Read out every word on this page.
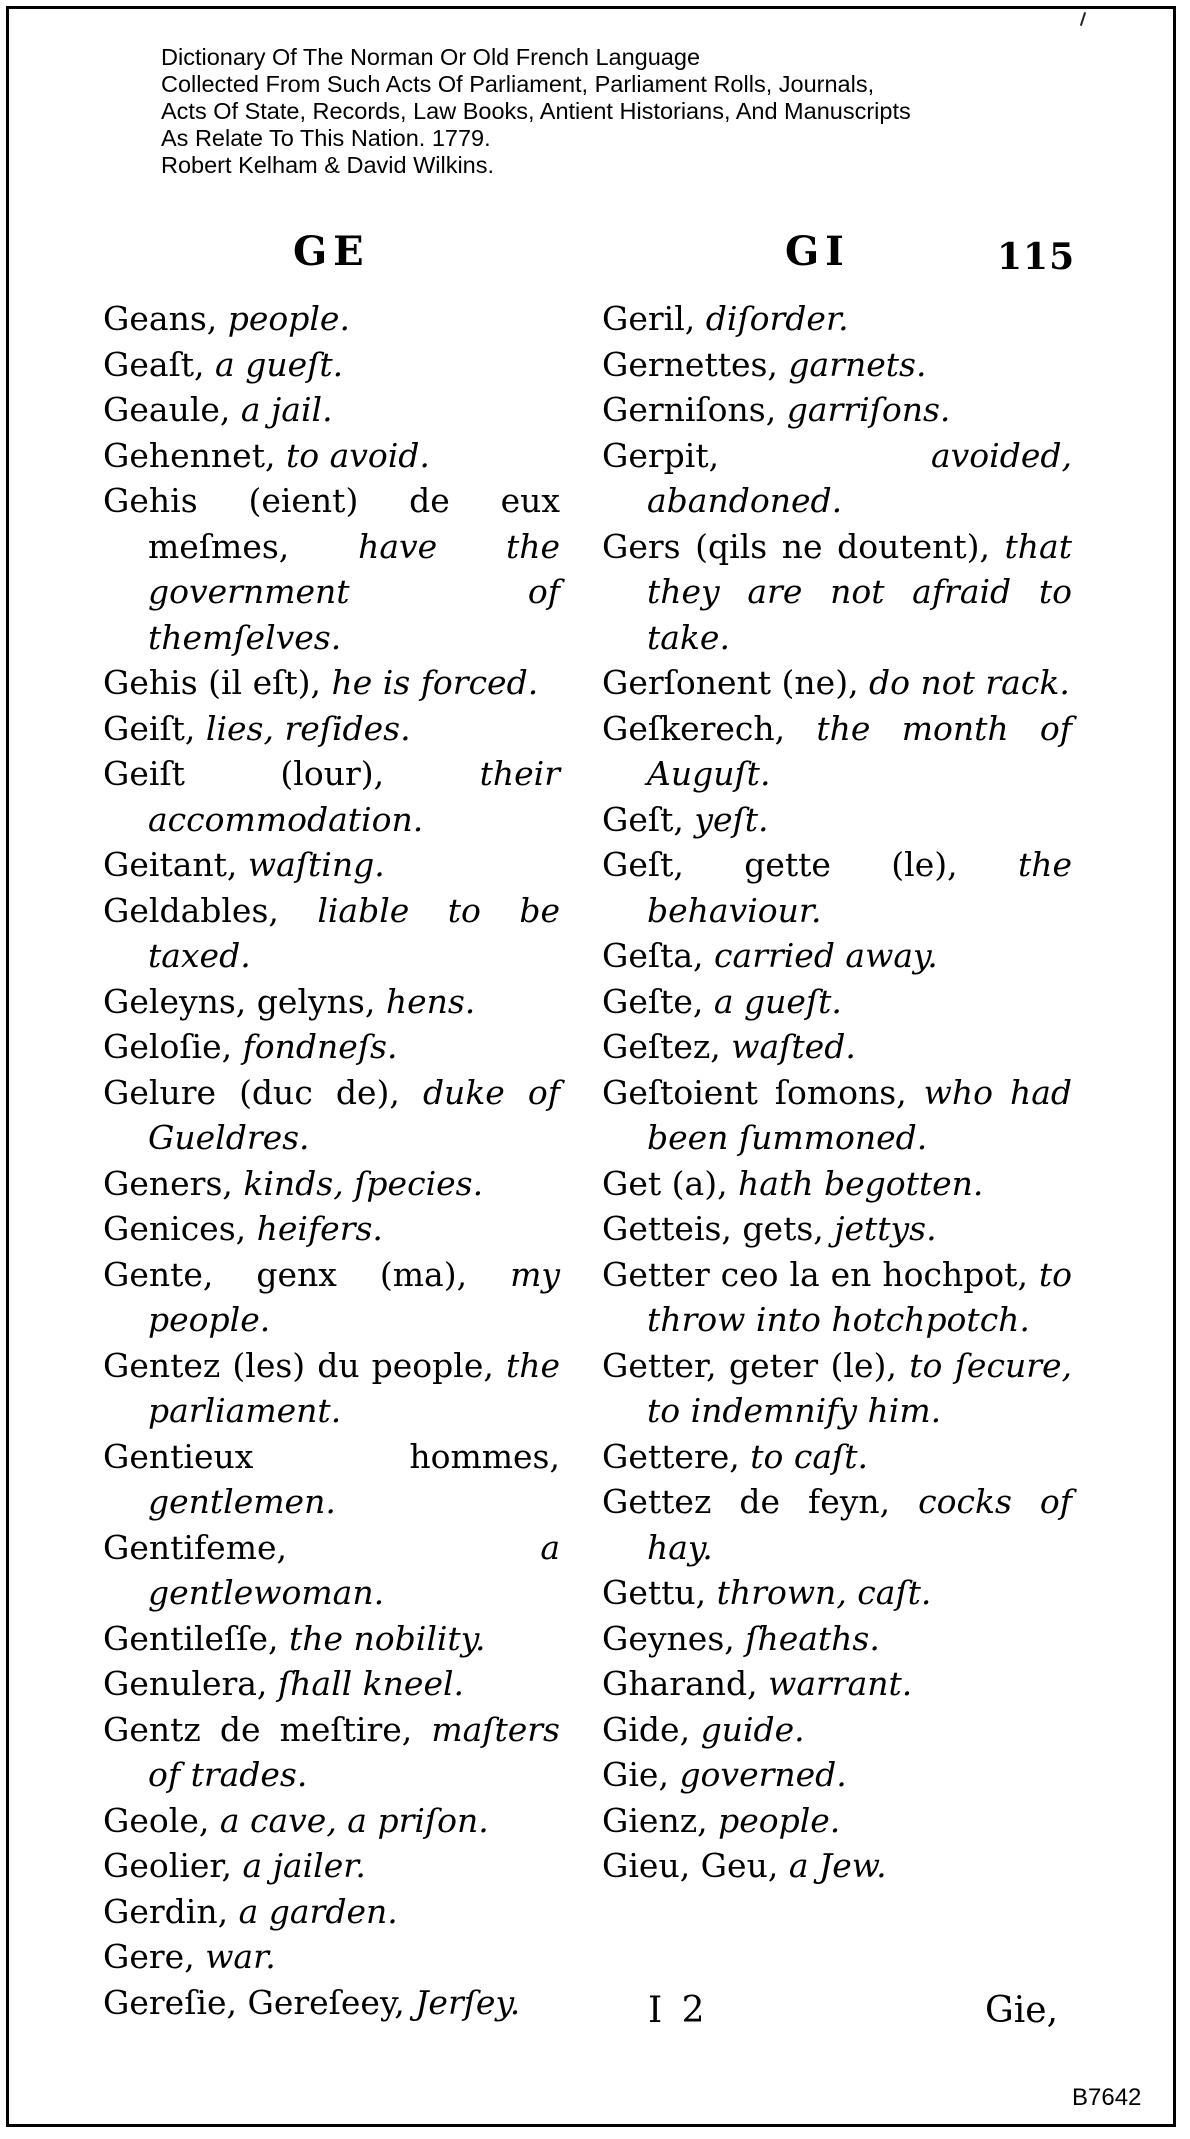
Dictionary Of The Norman Or Old French Language
Collected From Such Acts Of Parliament, Parliament Rolls, Journals,
Acts Of State, Records, Law Books, Antient Historians, And Manuscripts
As Relate To This Nation. 1779.
Robert Kelham & David Wilkins.
GE	GI	115
Geans, people.
Geaſt, a gueſt.
Geaule, a jail.
Gehennet, to avoid.
Gehis (eient) de eux meſmes, have the government of themſelves.
Gehis (il eſt), he is forced.
Geiſt, lies, reſides.
Geiſt (lour), their accommodation.
Geitant, waſting.
Geldables, liable to be taxed.
Geleyns, gelyns, hens.
Geloſie, fondneſs.
Gelure (duc de), duke of Gueldres.
Geners, kinds, ſpecies.
Genices, heifers.
Gente, genx (ma), my people.
Gentez (les) du people, the parliament.
Gentieux hommes, gentlemen.
Gentifeme, a gentlewoman.
Gentileſſe, the nobility.
Genulera, ſhall kneel.
Gentz de meſtire, maſters of trades.
Geole, a cave, a priſon.
Geolier, a jailer.
Gerdin, a garden.
Gere, war.
Gereſie, Gereſeey, Jerſey.
Geril, diſorder.
Gernettes, garnets.
Gerniſons, garriſons.
Gerpit, avoided, abandoned.
Gers (qils ne doutent), that they are not afraid to take.
Gerſonent (ne), do not rack.
Geſkerech, the month of Auguſt.
Geſt, yeſt.
Geſt, gette (le), the behaviour.
Geſta, carried away.
Geſte, a gueſt.
Geſtez, waſted.
Geſtoient ſomons, who had been ſummoned.
Get (a), hath begotten.
Getteis, gets, jettys.
Getter ceo la en hochpot, to throw into hotchpotch.
Getter, geter (le), to ſecure, to indemnify him.
Gettere, to caſt.
Gettez de feyn, cocks of hay.
Gettu, thrown, caſt.
Geynes, ſheaths.
Gharand, warrant.
Gide, guide.
Gie, governed.
Gienz, people.
Gieu, Geu, a Jew.
I 2	Gie,
B7642
